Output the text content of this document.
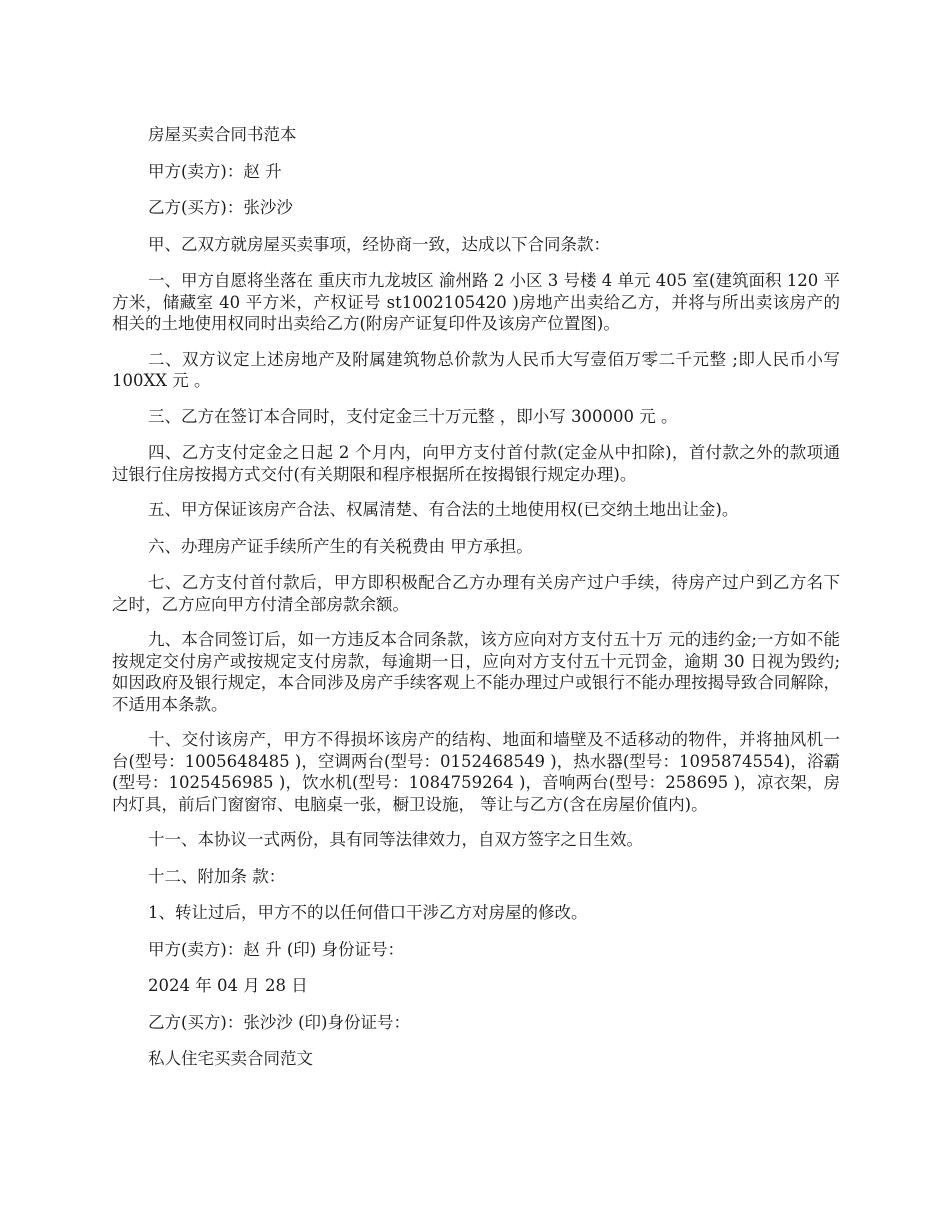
房屋买卖合同书范本

甲方(卖方)：赵 升

乙方(买方)：张沙沙

甲、乙双方就房屋买卖事项，经协商一致，达成以下合同条款：

一、甲方自愿将坐落在 重庆市九龙坡区 渝州路 2 小区 3 号楼 4 单元 405 室(建筑面积 120 平方米，储藏室 40 平方米，产权证号 st1002105420 )房地产出卖给乙方，并将与所出卖该房产的相关的土地使用权同时出卖给乙方(附房产证复印件及该房产位置图)。

二、双方议定上述房地产及附属建筑物总价款为人民币大写壹佰万零二千元整 ;即人民币小写 100XX 元 。

三、乙方在签订本合同时，支付定金三十万元整 ，即小写 300000 元 。

四、乙方支付定金之日起 2 个月内，向甲方支付首付款(定金从中扣除)，首付款之外的款项通过银行住房按揭方式交付(有关期限和程序根据所在按揭银行规定办理)。

五、甲方保证该房产合法、权属清楚、有合法的土地使用权(已交纳土地出让金)。

六、办理房产证手续所产生的有关税费由 甲方承担。

七、乙方支付首付款后，甲方即积极配合乙方办理有关房产过户手续，待房产过户到乙方名下之时，乙方应向甲方付清全部房款余额。

九、本合同签订后，如一方违反本合同条款，该方应向对方支付五十万 元的违约金;一方如不能按规定交付房产或按规定支付房款，每逾期一日，应向对方支付五十元罚金，逾期 30 日视为毁约;如因政府及银行规定，本合同涉及房产手续客观上不能办理过户或银行不能办理按揭导致合同解除，不适用本条款。

十、交付该房产，甲方不得损坏该房产的结构、地面和墙壁及不适移动的物件，并将抽风机一台(型号：1005648485 )，空调两台(型号：0152468549 )，热水器(型号：1095874554)，浴霸(型号：1025456985 )，饮水机(型号：1084759264 )，音响两台(型号：258695 )，凉衣架，房内灯具，前后门窗窗帘、电脑桌一张，橱卫设施， 等让与乙方(含在房屋价值内)。

十一、本协议一式两份，具有同等法律效力，自双方签字之日生效。

十二、附加条 款：

1、转让过后，甲方不的以任何借口干涉乙方对房屋的修改。

甲方(卖方)：赵 升 (印) 身份证号：

2024 年 04 月 28 日

乙方(买方)：张沙沙 (印)身份证号：

私人住宅买卖合同范文
